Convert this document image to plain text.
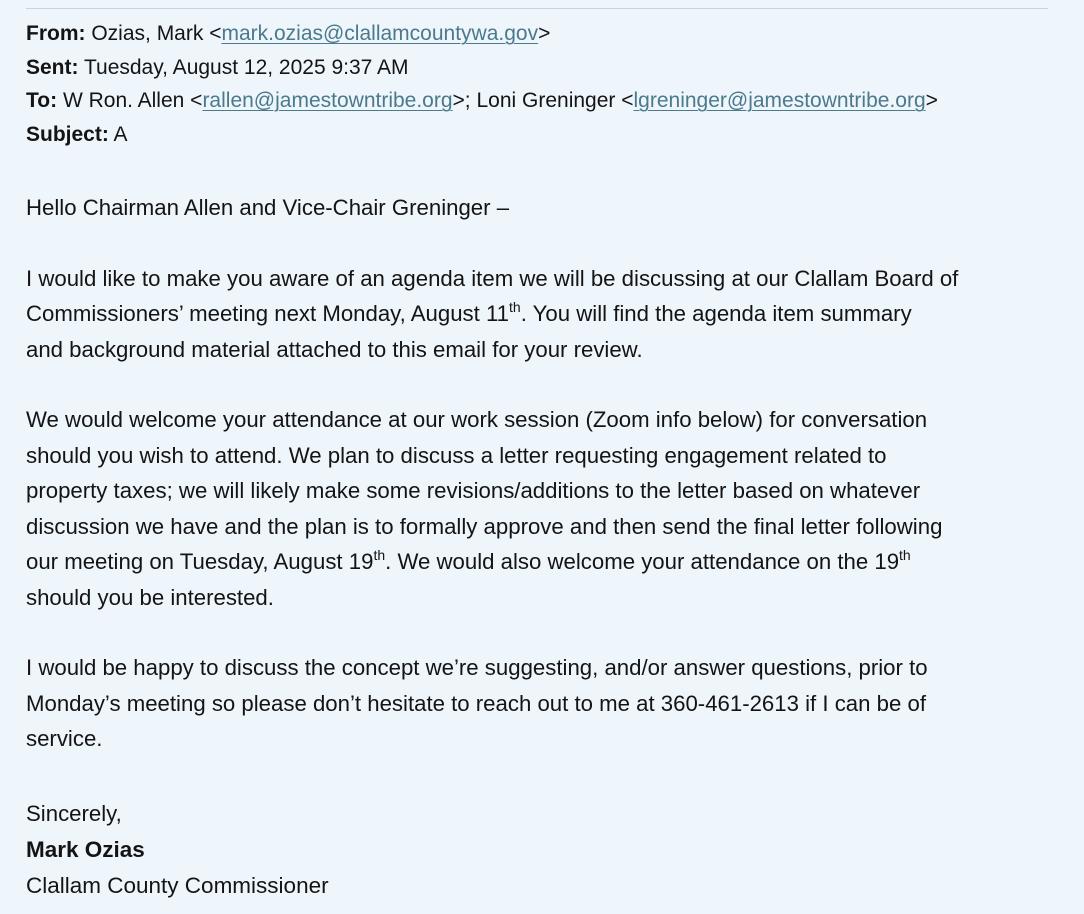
From: Ozias, Mark <mark.ozias@clallamcountywa.gov>
Sent: Tuesday, August 12, 2025 9:37 AM
To: W Ron. Allen <rallen@jamestowntribe.org>; Loni Greninger <lgreninger@jamestowntribe.org>
Subject: A

Hello Chairman Allen and Vice-Chair Greninger –

I would like to make you aware of an agenda item we will be discussing at our Clallam Board of
Commissioners’ meeting next Monday, August 11th. You will find the agenda item summary
and background material attached to this email for your review.

We would welcome your attendance at our work session (Zoom info below) for conversation
should you wish to attend. We plan to discuss a letter requesting engagement related to
property taxes; we will likely make some revisions/additions to the letter based on whatever
discussion we have and the plan is to formally approve and then send the final letter following
our meeting on Tuesday, August 19th. We would also welcome your attendance on the 19th
should you be interested.

I would be happy to discuss the concept we’re suggesting, and/or answer questions, prior to
Monday’s meeting so please don’t hesitate to reach out to me at 360-461-2613 if I can be of
service.

Sincerely,
Mark Ozias
Clallam County Commissioner
